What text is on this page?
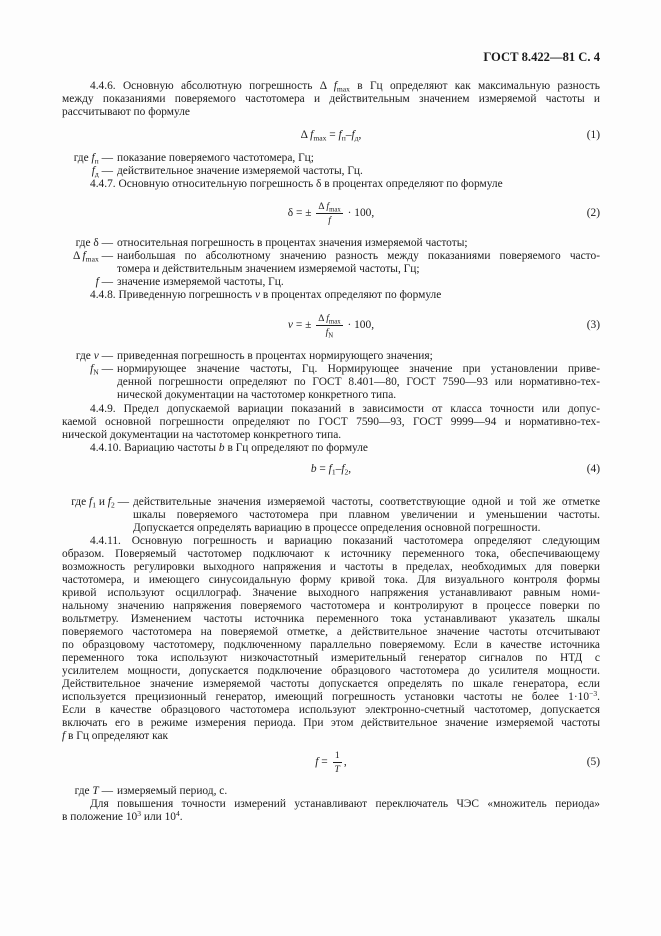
ГОСТ 8.422—81 С. 4
4.4.6. Основную абсолютную погрешность Δ $f_{max}$ в Гц определяют как максимальную разность
между показаниями поверяемого частотомера и действительным значением измеряемой частоты и
рассчитывают по формуле
Δ $f_{max} = f_п-f_д$,	(1)
где $f_п$ — показание поверяемого частотомера, Гц;
$f_д$ — действительное значение измеряемой частоты, Гц.
4.4.7. Основную относительную погрешность δ в процентах определяют по формуле
δ = ± $\frac{\Delta f_{max}}{f} \cdot 100$,	(2)
где δ — относительная погрешность в процентах значения измеряемой частоты;
Δ $f_{max}$ — наибольшая по абсолютному значению разность между показаниями поверяемого часто-
томера и действительным значением измеряемой частоты, Гц;
f — значение измеряемой частоты, Гц.
4.4.8. Приведенную погрешность v в процентах определяют по формуле
v = ± $\frac{\Delta f_{max}}{f_N} \cdot 100$,	(3)
где v — приведенная погрешность в процентах нормирующего значения;
$f_N$ — нормирующее значение частоты, Гц. Нормирующее значение при установлении приве-
денной погрешности определяют по ГОСТ 8.401—80, ГОСТ 7590—93 или нормативно-тех-
нической документации на частотомер конкретного типа.
4.4.9. Предел допускаемой вариации показаний в зависимости от класса точности или допус-
каемой основной погрешности определяют по ГОСТ 7590—93, ГОСТ 9999—94 и нормативно-тех-
нической документации на частотомер конкретного типа.
4.4.10. Вариацию частоты b в Гц определяют по формуле
$b = f_1-f_2$,	(4)
где $f_1$ и $f_2$ — действительные значения измеряемой частоты, соответствующие одной и той же отметке
шкалы поверяемого частотомера при плавном увеличении и уменьшении частоты.
Допускается определять вариацию в процессе определения основной погрешности.
4.4.11. Основную погрешность и вариацию показаний частотомера определяют следующим
образом. Поверяемый частотомер подключают к источнику переменного тока, обеспечивающему
возможность регулировки выходного напряжения и частоты в пределах, необходимых для поверки
частотомера, и имеющего синусоидальную форму кривой тока. Для визуального контроля формы
кривой используют осциллограф. Значение выходного напряжения устанавливают равным номи-
нальному значению напряжения поверяемого частотомера и контролируют в процессе поверки по
вольтметру. Изменением частоты источника переменного тока устанавливают указатель шкалы
поверяемого частотомера на поверяемой отметке, а действительное значение частоты отсчитывают
по образцовому частотомеру, подключенному параллельно поверяемому. Если в качестве источника
переменного тока используют низкочастотный измерительный генератор сигналов по НТД с
усилителем мощности, допускается подключение образцового частотомера до усилителя мощности.
Действительное значение измеряемой частоты допускается определять по шкале генератора, если
используется прецизионный генератор, имеющий погрешность установки частоты не более $1\cdot 10^{-3}$.
Если в качестве образцового частотомера используют электронно-счетный частотомер, допускается
включать его в режиме измерения периода. При этом действительное значение измеряемой частоты
f в Гц определяют как
$f = \frac{1}{T}$ ,	(5)
где T — измеряемый период, с.
Для повышения точности измерений устанавливают переключатель ЧЭС «множитель периода»
в положение $10^3$ или $10^4$.
